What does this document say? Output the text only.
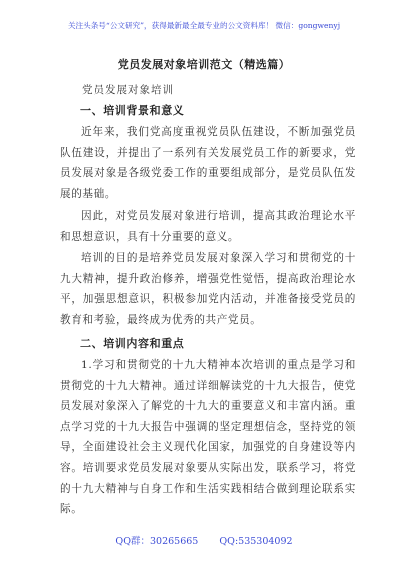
关注头条号“公文研究”，获得最新最全最专业的公文资料库！ 微信：gongwenyj
党员发展对象培训范文（精选篇）
党员发展对象培训
一、培训背景和意义
近年来，我们党高度重视党员队伍建设，不断加强党员队伍建设，并提出了一系列有关发展党员工作的新要求，党员发展对象是各级党委工作的重要组成部分，是党员队伍发展的基础。
因此，对党员发展对象进行培训，提高其政治理论水平和思想意识，具有十分重要的意义。
培训的目的是培养党员发展对象深入学习和贯彻党的十九大精神，提升政治修养，增强党性觉悟，提高政治理论水平，加强思想意识，积极参加党内活动，并准备接受党员的教育和考验，最终成为优秀的共产党员。
二、培训内容和重点
1.学习和贯彻党的十九大精神本次培训的重点是学习和贯彻党的十九大精神。通过详细解读党的十九大报告，使党员发展对象深入了解党的十九大的重要意义和丰富内涵。重点学习党的十九大报告中强调的坚定理想信念，坚持党的领导，全面建设社会主义现代化国家，加强党的自身建设等内容。培训要求党员发展对象要从实际出发，联系学习，将党的十九大精神与自身工作和生活实践相结合做到理论联系实际。
QQ群：30265665 QQ:535304092
